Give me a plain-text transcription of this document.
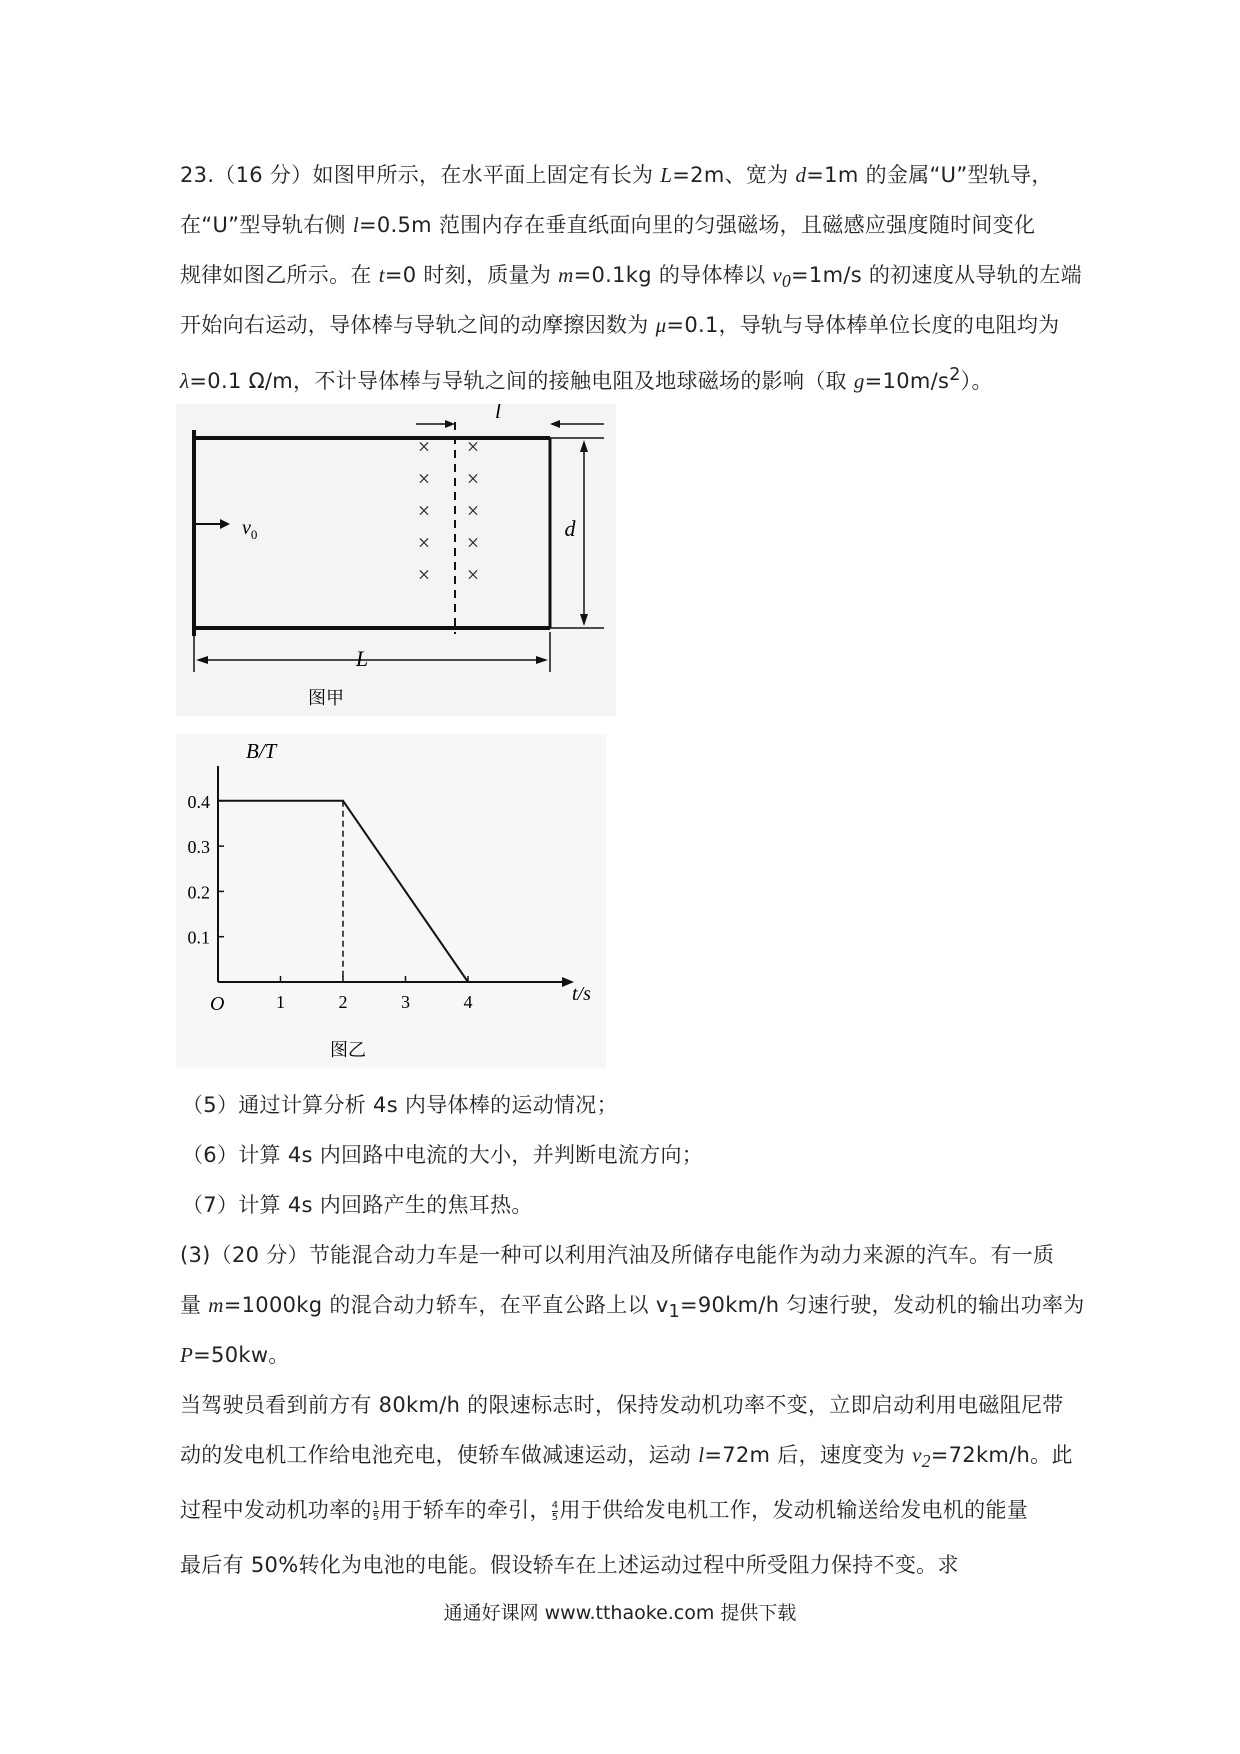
23.（16 分）如图甲所示，在水平面上固定有长为 L=2m、宽为 d=1m 的金属“U”型轨导，
在“U”型导轨右侧 l=0.5m 范围内存在垂直纸面向里的匀强磁场，且磁感应强度随时间变化
规律如图乙所示。在 t=0 时刻，质量为 m=0.1kg 的导体棒以 $v_0=1m/s$ 的初速度从导轨的左端
开始向右运动，导体棒与导轨之间的动摩擦因数为 μ=0.1，导轨与导体棒单位长度的电阻均为
λ=0.1 Ω/m，不计导体棒与导轨之间的接触电阻及地球磁场的影响（取 $g=10m/s^2$）。
l
d
L
$v_0$
× ×
× ×
× ×
× ×
× ×
图甲
1	2	3	4
0.1
0.2
0.3
0.4
B/T
t/s
O
图乙
（5）通过计算分析 4s 内导体棒的运动情况；
（6）计算 4s 内回路中电流的大小，并判断电流方向；
（7）计算 4s 内回路产生的焦耳热。
(3)（20 分）节能混合动力车是一种可以利用汽油及所储存电能作为动力来源的汽车。有一质
量 m=1000kg 的混合动力轿车，在平直公路上以 $v_1=90km/h$ 匀速行驶，发动机的输出功率为
P=50kw。
当驾驶员看到前方有 80km/h 的限速标志时，保持发动机功率不变，立即启动利用电磁阻尼带
动的发电机工作给电池充电，使轿车做减速运动，运动 l=72m 后，速度变为 $v_2=72km/h$。此
过程中发动机功率的 $\frac{1}{5}$ 用于轿车的牵引， $\frac{4}{5}$ 用于供给发电机工作，发动机输送给发电机的能量
最后有 50%转化为电池的电能。假设轿车在上述运动过程中所受阻力保持不变。求
通通好课网 www.tthaoke.com 提供下载
